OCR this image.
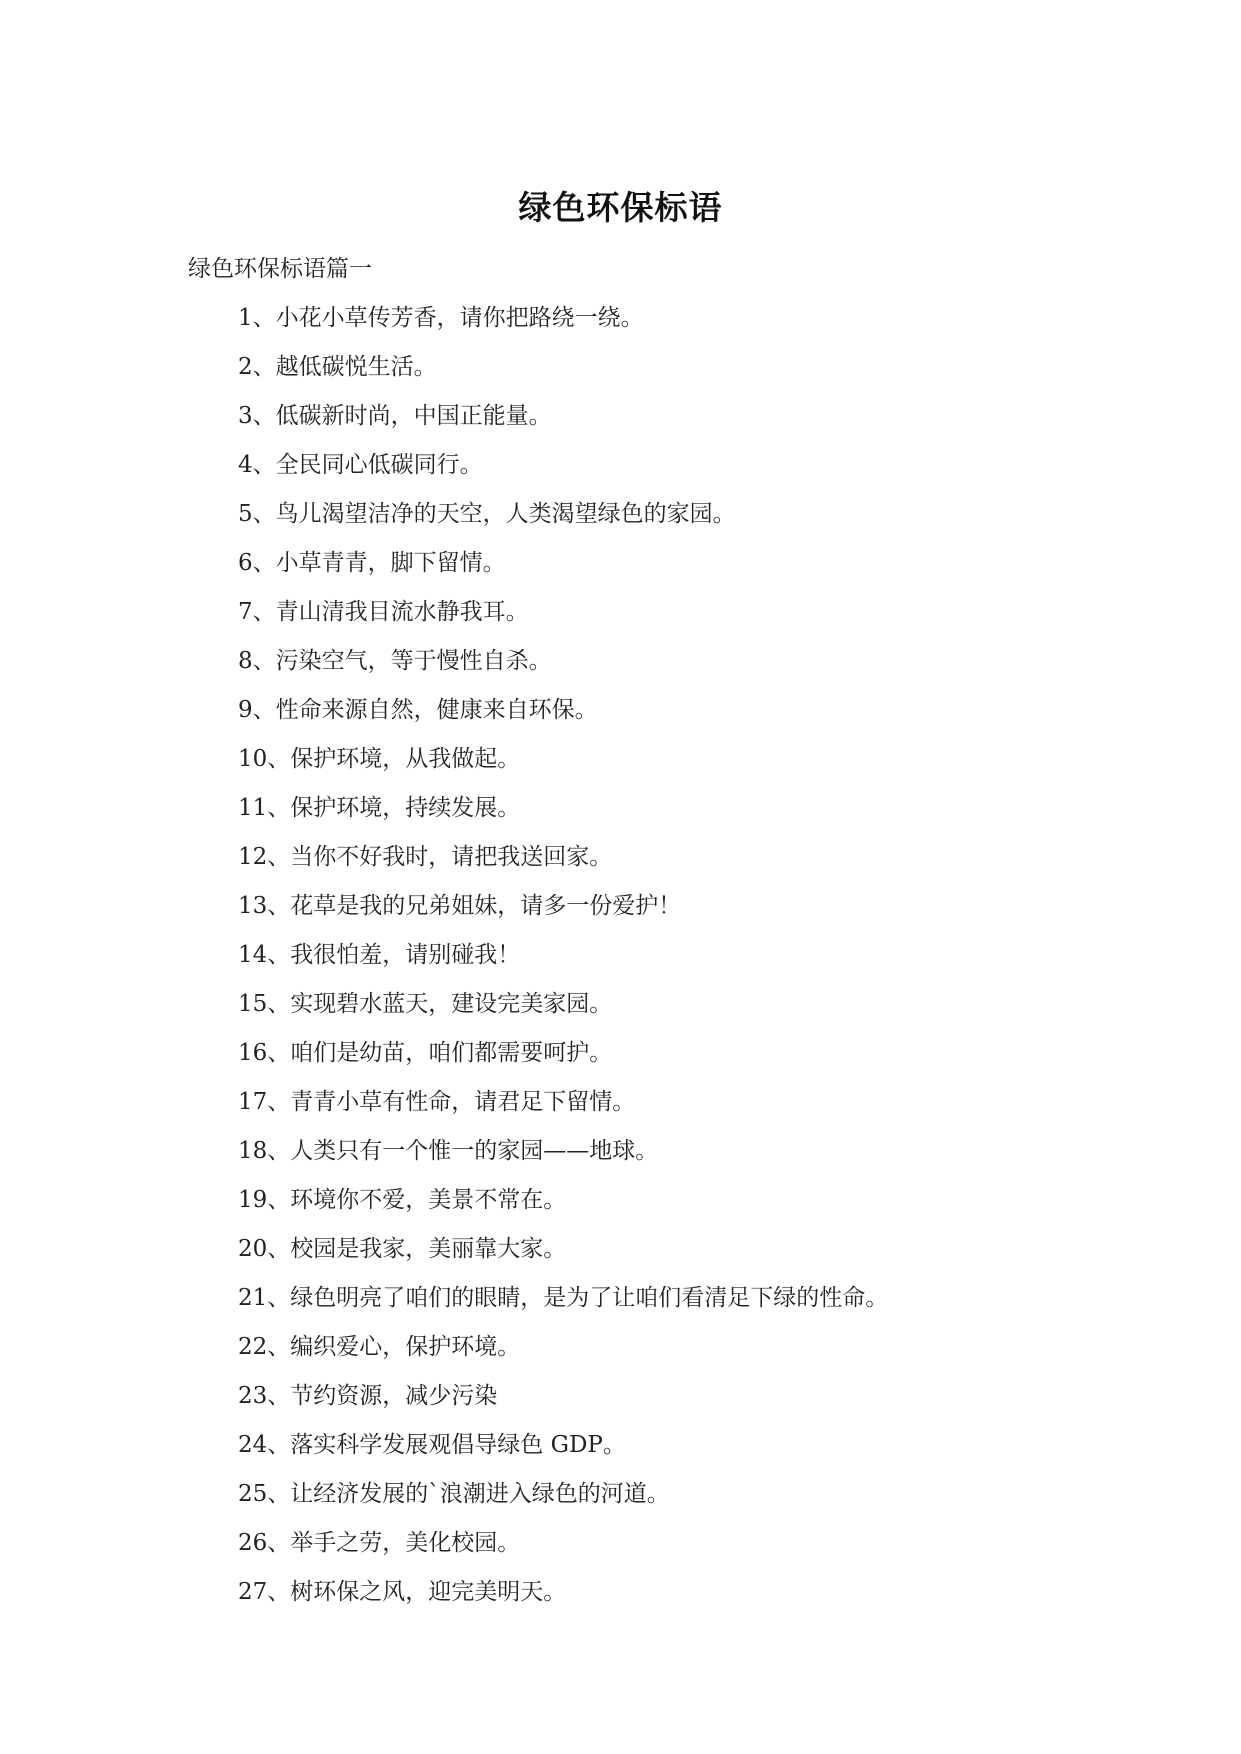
绿色环保标语

绿色环保标语篇一

1、小花小草传芳香，请你把路绕一绕。
2、越低碳悦生活。
3、低碳新时尚，中国正能量。
4、全民同心低碳同行。
5、鸟儿渴望洁净的天空，人类渴望绿色的家园。
6、小草青青，脚下留情。
7、青山清我目流水静我耳。
8、污染空气，等于慢性自杀。
9、性命来源自然，健康来自环保。
10、保护环境，从我做起。
11、保护环境，持续发展。
12、当你不好我时，请把我送回家。
13、花草是我的兄弟姐妹，请多一份爱护！
14、我很怕羞，请别碰我！
15、实现碧水蓝天，建设完美家园。
16、咱们是幼苗，咱们都需要呵护。
17、青青小草有性命，请君足下留情。
18、人类只有一个惟一的家园——地球。
19、环境你不爱，美景不常在。
20、校园是我家，美丽靠大家。
21、绿色明亮了咱们的眼睛，是为了让咱们看清足下绿的性命。
22、编织爱心，保护环境。
23、节约资源，减少污染
24、落实科学发展观倡导绿色 GDP。
25、让经济发展的`浪潮进入绿色的河道。
26、举手之劳，美化校园。
27、树环保之风，迎完美明天。
